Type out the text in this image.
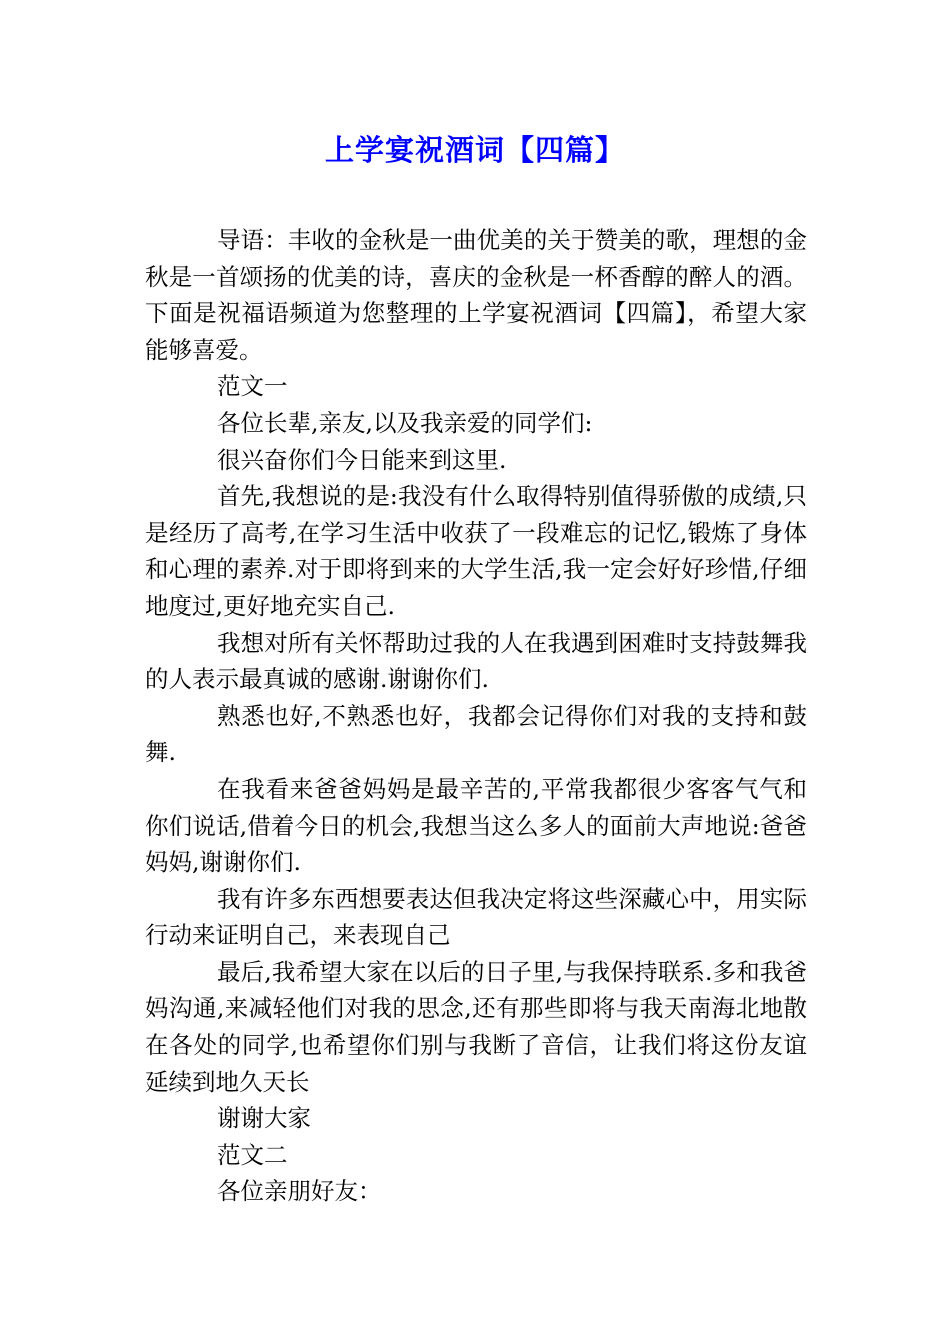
上学宴祝酒词【四篇】

导语：丰收的金秋是一曲优美的关于赞美的歌，理想的金秋是一首颂扬的优美的诗，喜庆的金秋是一杯香醇的醉人的酒。下面是祝福语频道为您整理的上学宴祝酒词【四篇】，希望大家能够喜爱。

范文一

各位长辈,亲友,以及我亲爱的同学们:

很兴奋你们今日能来到这里.

首先,我想说的是:我没有什么取得特别值得骄傲的成绩,只是经历了高考,在学习生活中收获了一段难忘的记忆,锻炼了身体和心理的素养.对于即将到来的大学生活,我一定会好好珍惜,仔细地度过,更好地充实自己.

我想对所有关怀帮助过我的人在我遇到困难时支持鼓舞我的人表示最真诚的感谢.谢谢你们.

熟悉也好,不熟悉也好，我都会记得你们对我的支持和鼓舞.

在我看来爸爸妈妈是最辛苦的,平常我都很少客客气气和你们说话,借着今日的机会,我想当这么多人的面前大声地说:爸爸妈妈,谢谢你们.

我有许多东西想要表达但我决定将这些深藏心中，用实际行动来证明自己，来表现自己

最后,我希望大家在以后的日子里,与我保持联系.多和我爸妈沟通,来减轻他们对我的思念,还有那些即将与我天南海北地散在各处的同学,也希望你们别与我断了音信，让我们将这份友谊延续到地久天长

谢谢大家

范文二

各位亲朋好友：
